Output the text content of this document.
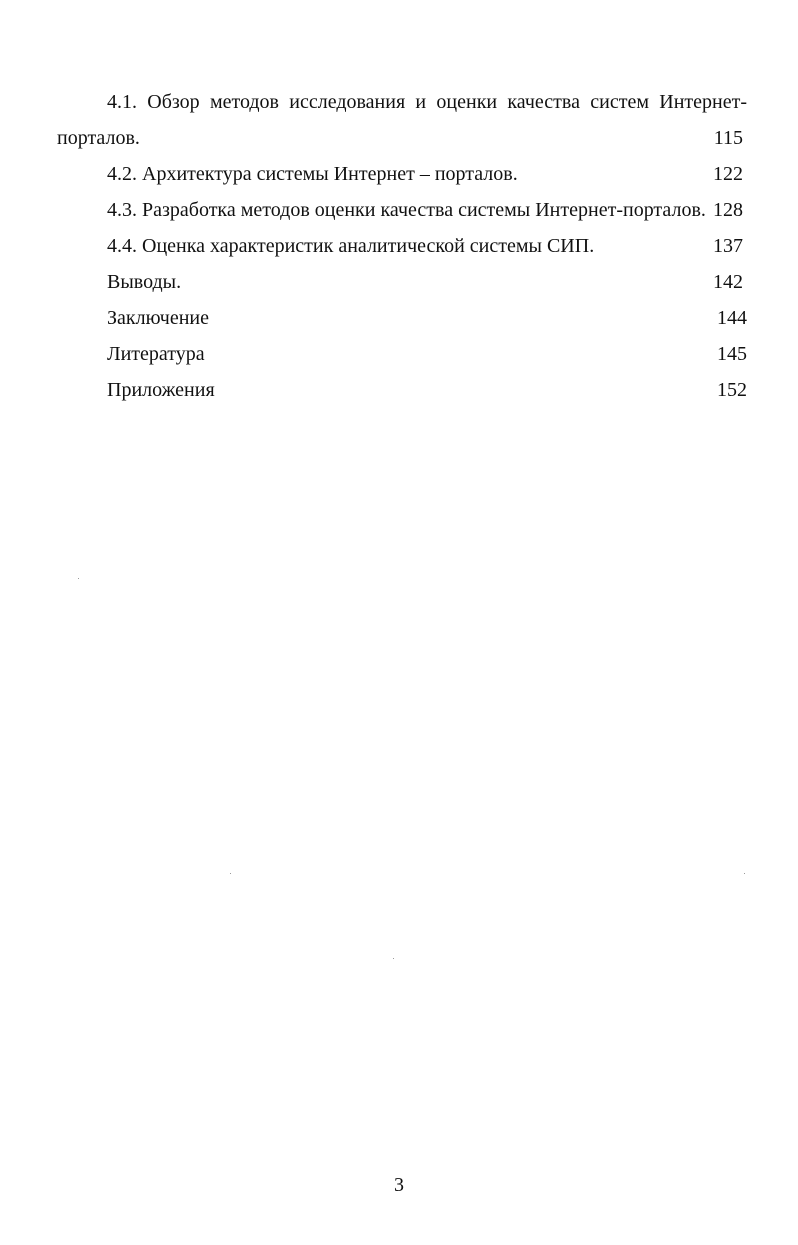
4.1. Обзор методов исследования и оценки качества систем Интернет-
порталов.	115
4.2. Архитектура системы Интернет – порталов.	122
4.3. Разработка методов оценки качества системы Интернет-порталов. 128
4.4. Оценка характеристик аналитической системы СИП.	137
Выводы.	142
Заключение	144
Литература	145
Приложения	152
3
